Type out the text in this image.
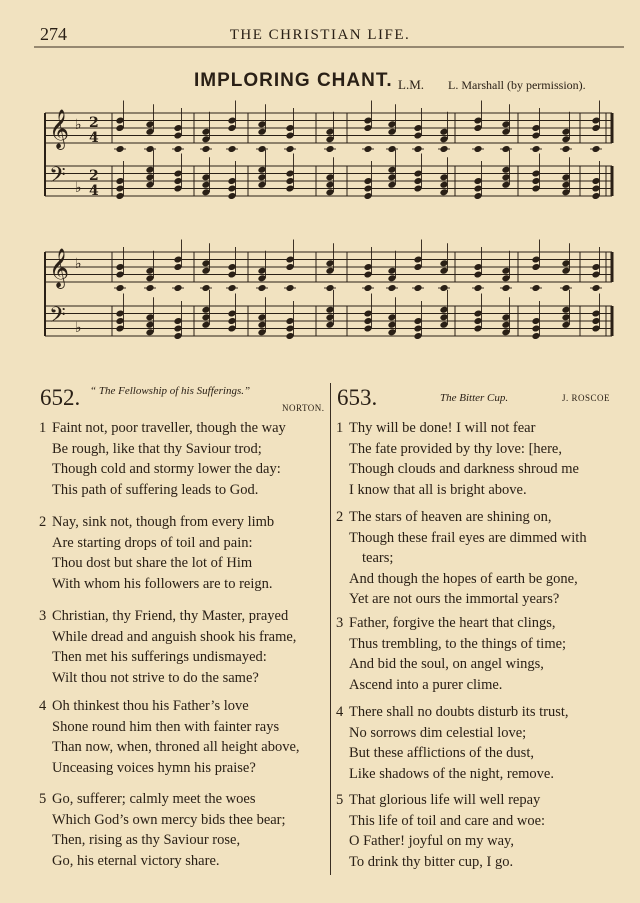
274	THE CHRISTIAN LIFE.
IMPLORING CHANT. L.M. L. Marshall (by permission).
𝄞 ♭ 2
4
𝄢 ♭
2
4
𝄞 ♭
𝄢 ♭
652. “ The Fellowship of his Sufferings.”
NORTON.
1 Faint not, poor traveller, though the way
Be rough, like that thy Saviour trod;
Though cold and stormy lower the day:
This path of suffering leads to God.
2 Nay, sink not, though from every limb
Are starting drops of toil and pain:
Thou dost but share the lot of Him
With whom his followers are to reign.
3 Christian, thy Friend, thy Master, prayed
While dread and anguish shook his frame,
Then met his sufferings undismayed:
Wilt thou not strive to do the same?
4 Oh thinkest thou his Father’s love
Shone round him then with fainter rays
Than now, when, throned all height above,
Unceasing voices hymn his praise?
5 Go, sufferer; calmly meet the woes
Which God’s own mercy bids thee bear;
Then, rising as thy Saviour rose,
Go, his eternal victory share.
653.	The Bitter Cup.	J. ROSCOE
1 Thy will be done! I will not fear
The fate provided by thy love: [here,
Though clouds and darkness shroud me
I know that all is bright above.
2 The stars of heaven are shining on,
Though these frail eyes are dimmed with
tears;
And though the hopes of earth be gone,
Yet are not ours the immortal years?
3 Father, forgive the heart that clings,
Thus trembling, to the things of time;
And bid the soul, on angel wings,
Ascend into a purer clime.
4 There shall no doubts disturb its trust,
No sorrows dim celestial love;
But these afflictions of the dust,
Like shadows of the night, remove.
5 That glorious life will well repay
This life of toil and care and woe:
O Father! joyful on my way,
To drink thy bitter cup, I go.
